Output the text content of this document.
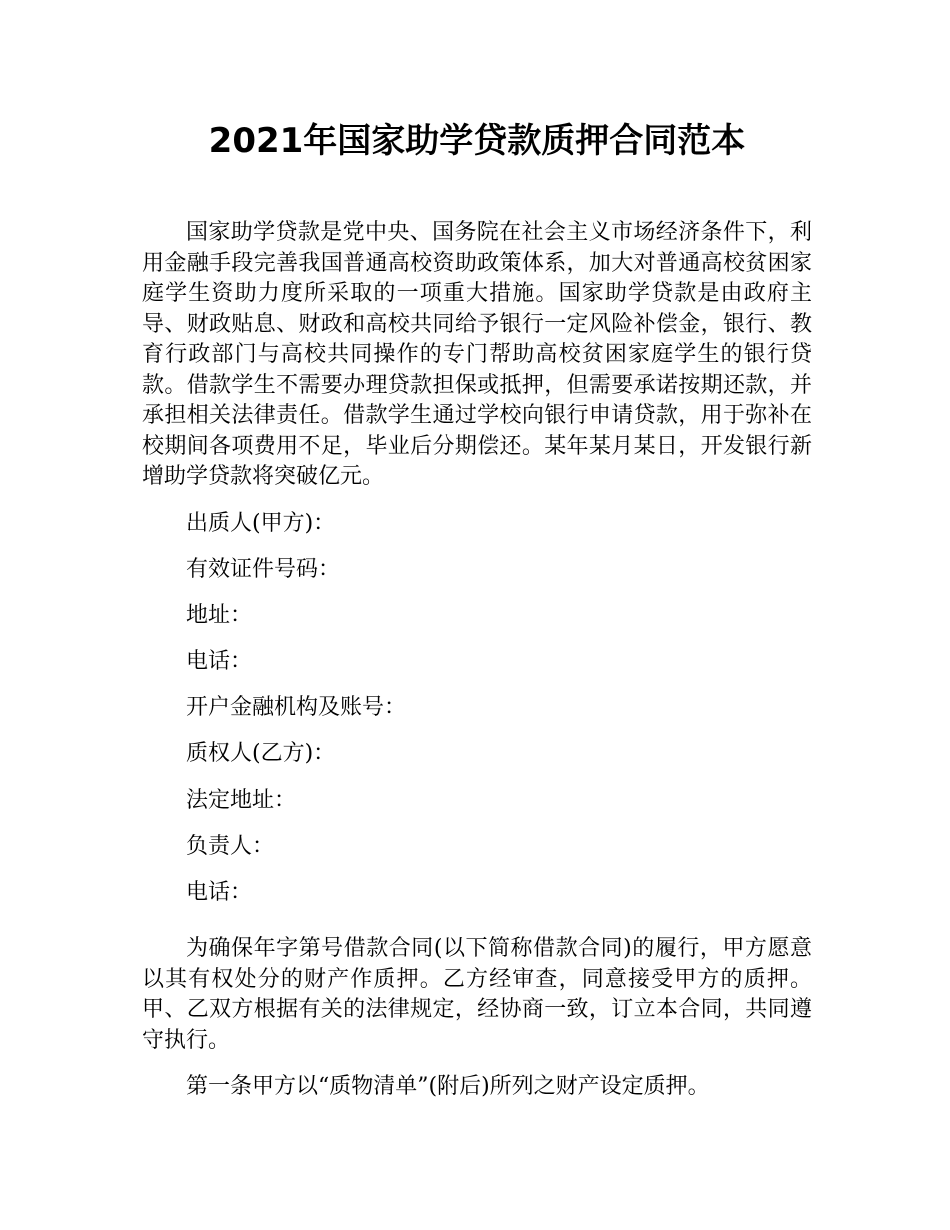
2021年国家助学贷款质押合同范本

国家助学贷款是党中央、国务院在社会主义市场经济条件下，利用金融手段完善我国普通高校资助政策体系，加大对普通高校贫困家庭学生资助力度所采取的一项重大措施。国家助学贷款是由政府主导、财政贴息、财政和高校共同给予银行一定风险补偿金，银行、教育行政部门与高校共同操作的专门帮助高校贫困家庭学生的银行贷款。借款学生不需要办理贷款担保或抵押，但需要承诺按期还款，并承担相关法律责任。借款学生通过学校向银行申请贷款，用于弥补在校期间各项费用不足，毕业后分期偿还。某年某月某日，开发银行新增助学贷款将突破亿元。

出质人(甲方)：

有效证件号码：

地址：

电话：

开户金融机构及账号：

质权人(乙方)：

法定地址：

负责人：

电话：

为确保年字第号借款合同(以下简称借款合同)的履行，甲方愿意以其有权处分的财产作质押。乙方经审查，同意接受甲方的质押。甲、乙双方根据有关的法律规定，经协商一致，订立本合同，共同遵守执行。

第一条甲方以“质物清单”(附后)所列之财产设定质押。
